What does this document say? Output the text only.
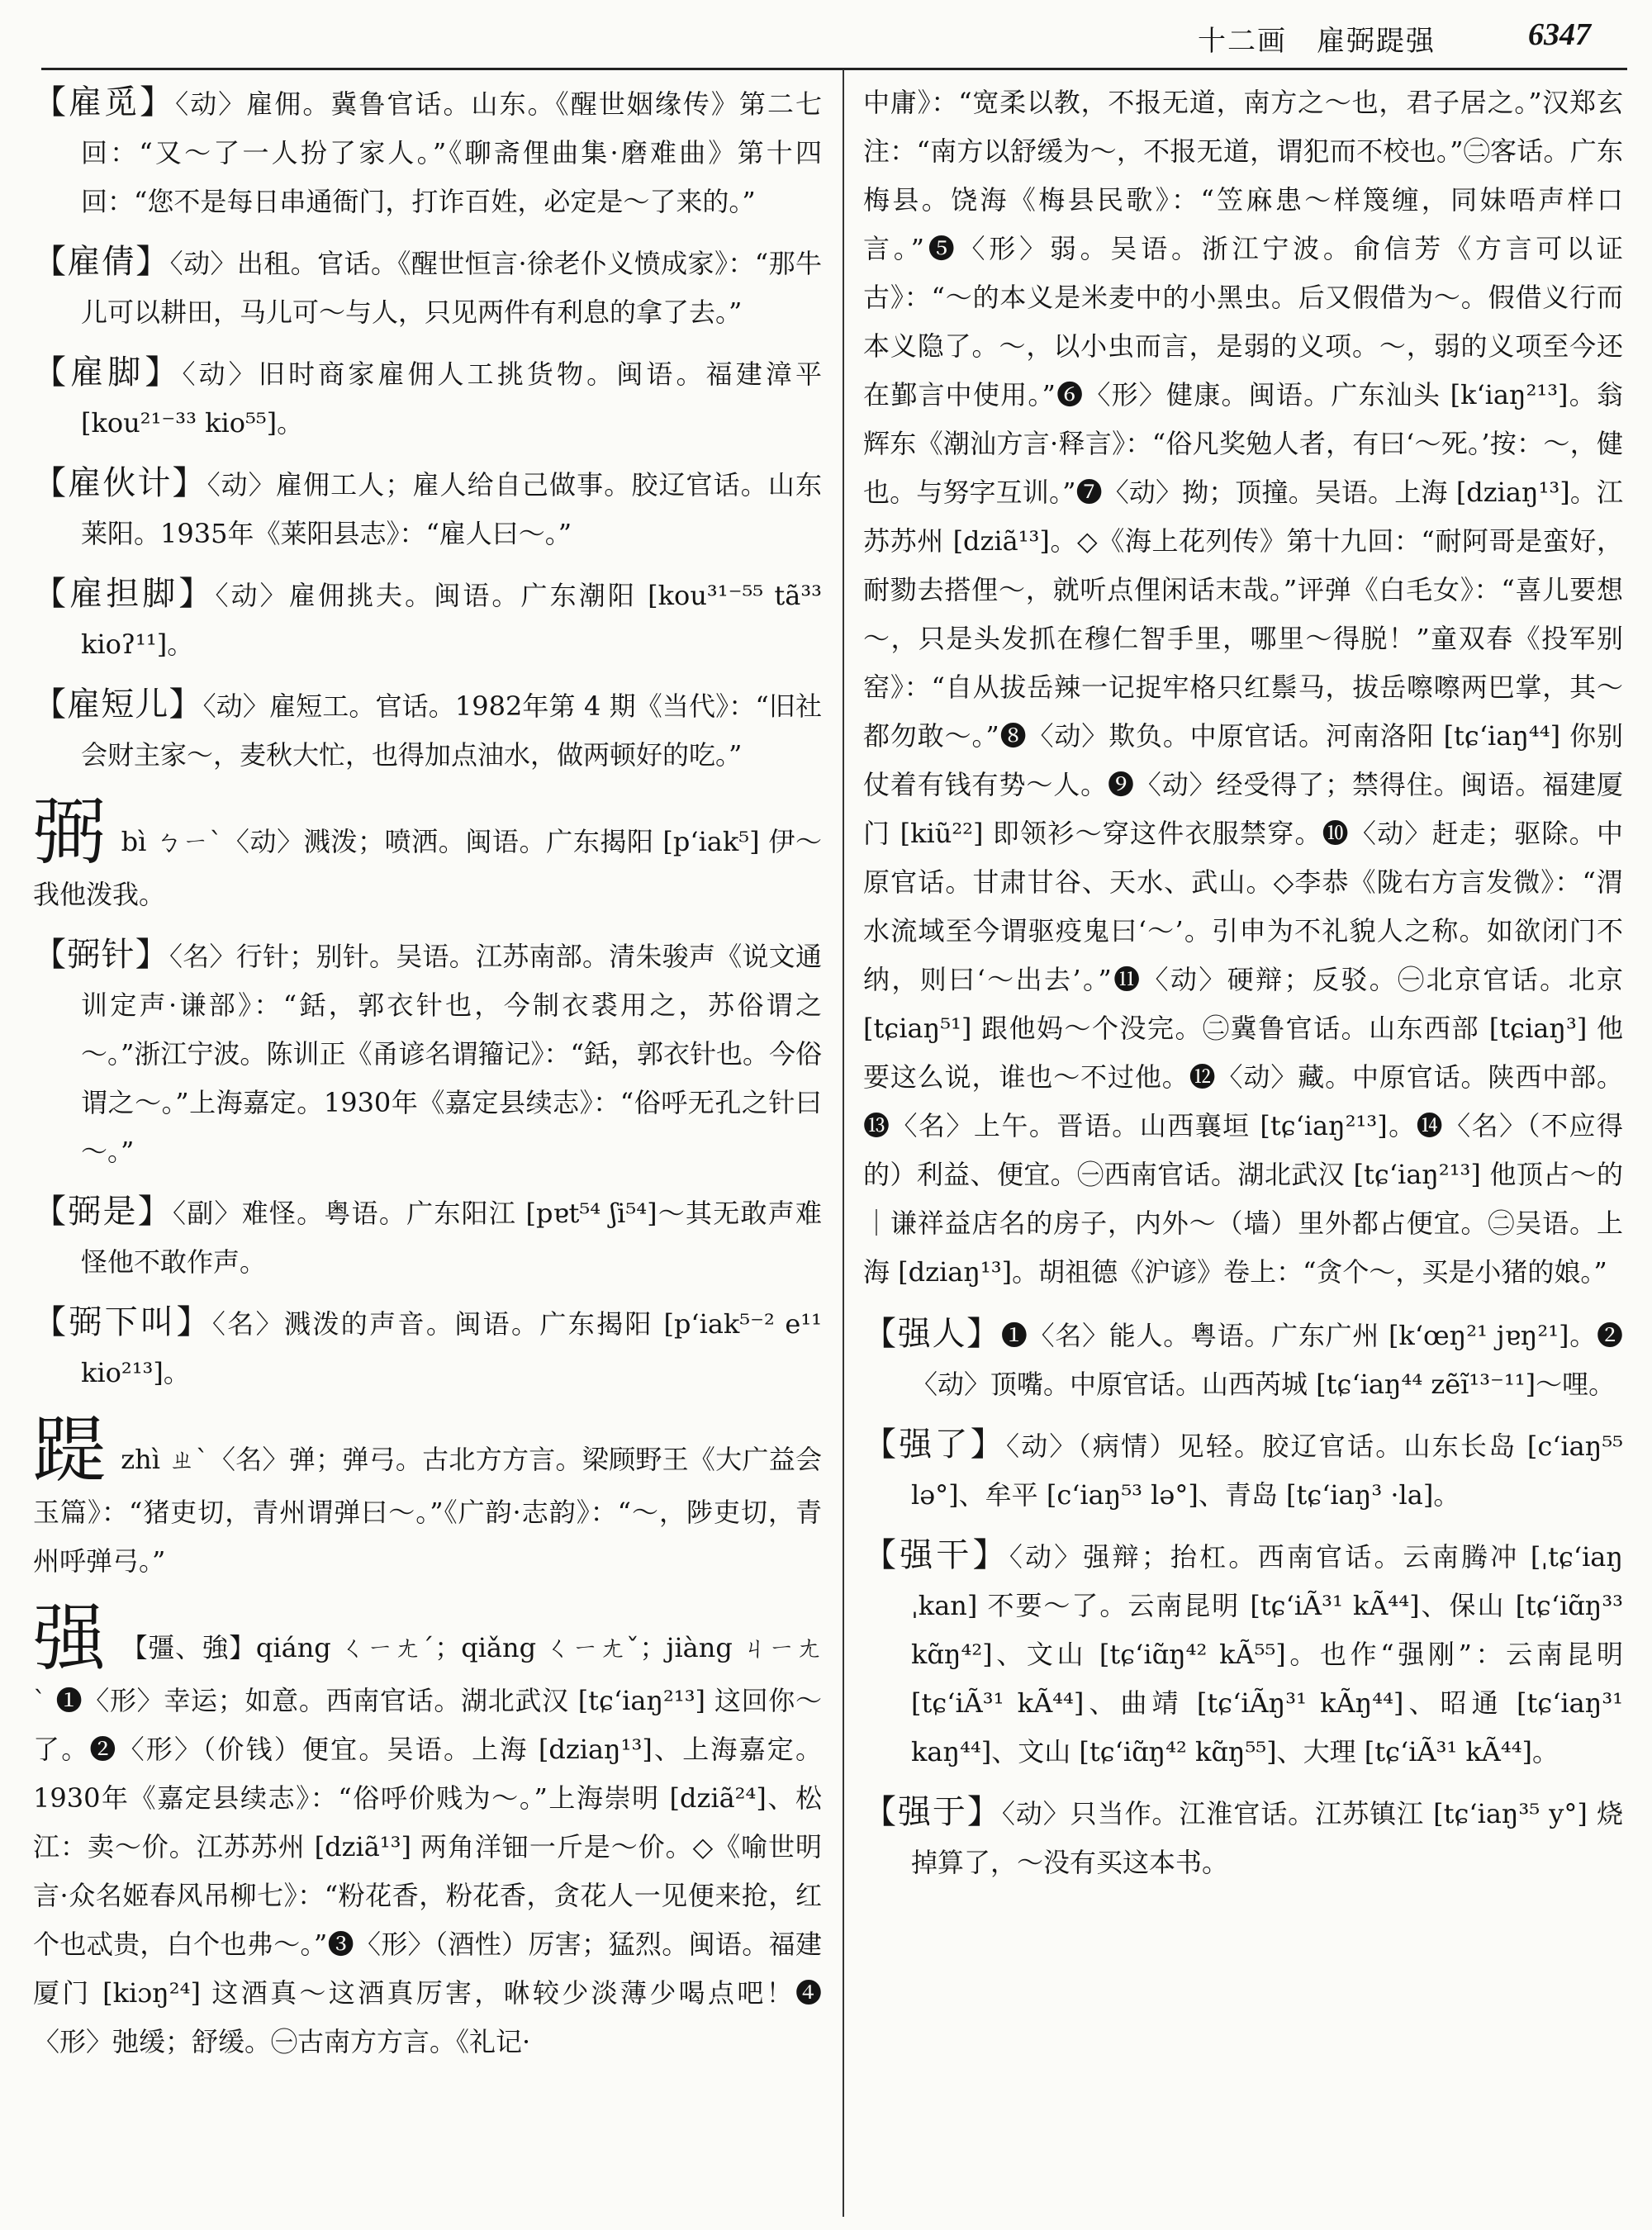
十二画　雇弼踶强	6347

【雇觅】〈动〉雇佣。冀鲁官话。山东。《醒世姻缘传》第二七回：“又～了一人扮了家人。”《聊斋俚曲集·磨难曲》第十四回：“您不是每日串通衙门，打诈百姓，必定是～了来的。”

【雇倩】〈动〉出租。官话。《醒世恒言·徐老仆义愤成家》：“那牛儿可以耕田，马儿可～与人，只见两件有利息的拿了去。”

【雇脚】〈动〉旧时商家雇佣人工挑货物。闽语。福建漳平 [kou²¹⁻³³ kio⁵⁵]。

【雇伙计】〈动〉雇佣工人；雇人给自己做事。胶辽官话。山东莱阳。1935年《莱阳县志》：“雇人曰～。”

【雇担脚】〈动〉雇佣挑夫。闽语。广东潮阳 [kou³¹⁻⁵⁵ tã³³ kioʔ¹¹]。

【雇短儿】〈动〉雇短工。官话。1982年第 4 期《当代》：“旧社会财主家～，麦秋大忙，也得加点油水，做两顿好的吃。”

弼bì ㄅㄧˋ〈动〉溅泼；喷洒。闽语。广东揭阳 [pʻiak⁵] 伊～我他泼我。

【弼针】〈名〉行针；别针。吴语。江苏南部。清朱骏声《说文通训定声·谦部》：“銛，郭衣针也，今制衣裘用之，苏俗谓之～。”浙江宁波。陈训正《甬谚名谓籀记》：“銛，郭衣针也。今俗谓之～。”上海嘉定。1930年《嘉定县续志》：“俗呼无孔之针曰～。”

【弼是】〈副〉难怪。粤语。广东阳江 [pɐt⁵⁴ ʃi⁵⁴]～其无敢声难怪他不敢作声。

【弼下叫】〈名〉溅泼的声音。闽语。广东揭阳 [pʻiak⁵⁻² e¹¹ kio²¹³]。

踶zhì ㄓˋ〈名〉弹；弹弓。古北方方言。梁顾野王《大广益会玉篇》：“猪吏切，青州谓弹曰～。”《广韵·志韵》：“～，陟吏切，青州呼弹弓。”

强 【彊、強】qiáng ㄑㄧㄤˊ；qiǎng ㄑㄧㄤˇ；jiàng ㄐㄧㄤˋ ❶〈形〉幸运；如意。西南官话。湖北武汉 [tɕʻiaŋ²¹³] 这回你～了。❷〈形〉（价钱）便宜。吴语。上海 [dziaŋ¹³]、上海嘉定。1930年《嘉定县续志》：“俗呼价贱为～。”上海崇明 [dziã²⁴]、松江：卖～价。江苏苏州 [dziã¹³] 两角洋钿一斤是～价。◇《喻世明言·众名姬春风吊柳七》：“粉花香，粉花香，贪花人一见便来抢，红个也忒贵，白个也弗～。”❸〈形〉（酒性）厉害；猛烈。闽语。福建厦门 [kiɔŋ²⁴] 这酒真～这酒真厉害，咻较少淡薄少喝点吧！❹〈形〉弛缓；舒缓。㊀古南方方言。《礼记·

中庸》：“宽柔以教，不报无道，南方之～也，君子居之。”汉郑玄注：“南方以舒缓为～，不报无道，谓犯而不校也。”㊁客话。广东梅县。饶海《梅县民歌》：“笠麻患～样篾缠，同妹唔声样口言。”❺〈形〉弱。吴语。浙江宁波。俞信芳《方言可以证古》：“～的本义是米麦中的小黑虫。后又假借为～。假借义行而本义隐了。～，以小虫而言，是弱的义项。～，弱的义项至今还在鄞言中使用。”❻〈形〉健康。闽语。广东汕头 [kʻiaŋ²¹³]。翁辉东《潮汕方言·释言》：“俗凡奖勉人者，有曰‘～死。’按：～，健也。与努字互训。”❼〈动〉拗；顶撞。吴语。上海 [dziaŋ¹³]。江苏苏州 [dziã¹³]。◇《海上花列传》第十九回：“耐阿哥是蛮好，耐勠去搭俚～，就听点俚闲话末哉。”评弹《白毛女》：“喜儿要想～，只是头发抓在穆仁智手里，哪里～得脱！”童双春《投军别窑》：“自从拔岳辣一记捉牢格只红鬃马，拔岳嚓嚓两巴掌，其～都勿敢～。”❽〈动〉欺负。中原官话。河南洛阳 [tɕʻiaŋ⁴⁴] 你别仗着有钱有势～人。❾〈动〉经受得了；禁得住。闽语。福建厦门 [kiũ²²] 即领衫～穿这件衣服禁穿。❿〈动〉赶走；驱除。中原官话。甘肃甘谷、天水、武山。◇李恭《陇右方言发微》：“渭水流域至今谓驱疫鬼曰‘～’。引申为不礼貌人之称。如欲闭门不纳，则曰‘～出去’。”⓫〈动〉硬辩；反驳。㊀北京官话。北京 [tɕiaŋ⁵¹] 跟他妈～个没完。㊁冀鲁官话。山东西部 [tɕiaŋ³] 他要这么说，谁也～不过他。⓬〈动〉藏。中原官话。陕西中部。⓭〈名〉上午。晋语。山西襄垣 [tɕʻiaŋ²¹³]。⓮〈名〉（不应得的）利益、便宜。㊀西南官话。湖北武汉 [tɕʻiaŋ²¹³] 他顶占～的｜谦祥益店名的房子，内外～（墙）里外都占便宜。㊁吴语。上海 [dziaŋ¹³]。胡祖德《沪谚》卷上：“贪个～，买是小猪的娘。”

【强人】❶〈名〉能人。粤语。广东广州 [kʻœŋ²¹ jɐŋ²¹]。❷〈动〉顶嘴。中原官话。山西芮城 [tɕʻiaŋ⁴⁴ zẽĩ¹³⁻¹¹]～哩。

【强了】〈动〉（病情）见轻。胶辽官话。山东长岛 [cʻiaŋ⁵⁵ lə°]、牟平 [cʻiaŋ⁵³ lə°]、青岛 [tɕʻiaŋ³ ·la]。

【强干】〈动〉强辩；抬杠。西南官话。云南腾冲 [ˌtɕʻiaŋ ˌkan] 不要～了。云南昆明 [tɕʻiÃ³¹ kÃ⁴⁴]、保山 [tɕʻiɑ̃ŋ³³ kɑ̃ŋ⁴²]、文山 [tɕʻiɑ̃ŋ⁴² kÃ⁵⁵]。也作“强刚”：云南昆明 [tɕʻiÃ³¹ kÃ⁴⁴]、曲靖 [tɕʻiÃŋ³¹ kÃŋ⁴⁴]、昭通 [tɕʻiaŋ³¹ kaŋ⁴⁴]、文山 [tɕʻiɑ̃ŋ⁴² kɑ̃ŋ⁵⁵]、大理 [tɕʻiÃ³¹ kÃ⁴⁴]。

【强于】〈动〉只当作。江淮官话。江苏镇江 [tɕʻiaŋ³⁵ y°] 烧掉算了，～没有买这本书。
